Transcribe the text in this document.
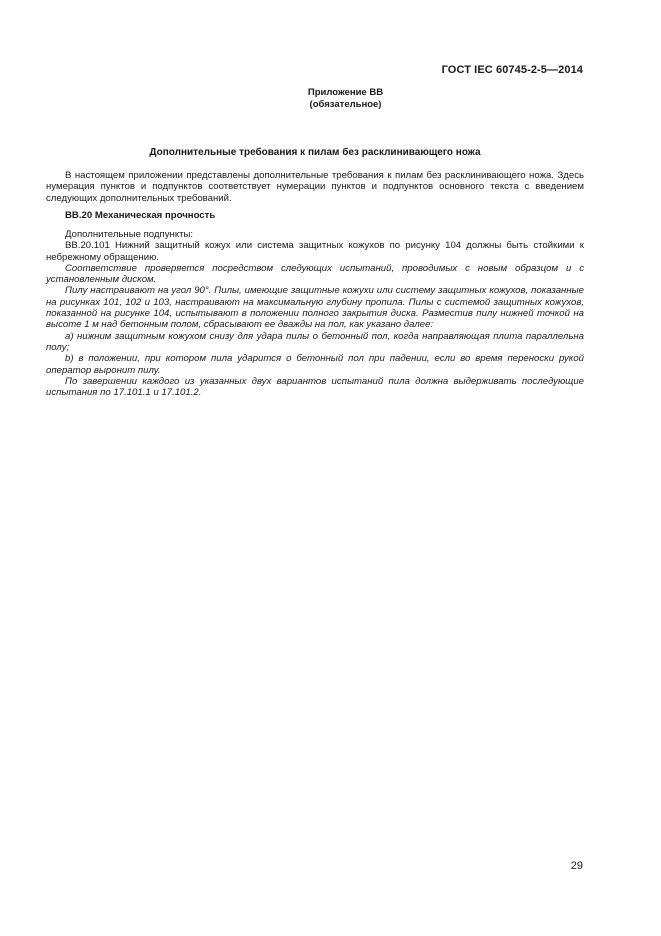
ГОСТ IEC 60745-2-5—2014
Приложение ВВ
(обязательное)
Дополнительные требования к пилам без расклинивающего ножа

В настоящем приложении представлены дополнительные требования к пилам без расклинивающего ножа. Здесь нумерация пунктов и подпунктов соответствует нумерации пунктов и подпунктов основного текста с введением следующих дополнительных требований.

ВВ.20 Механическая прочность

Дополнительные подпункты:

ВВ.20.101 Нижний защитный кожух или система защитных кожухов по рисунку 104 должны быть стойкими к небрежному обращению.

Соответствие проверяется посредством следующих испытаний, проводимых с новым образцом и с установленным диском.

Пилу настраивают на угол 90°. Пилы, имеющие защитные кожухи или систему защитных кожухов, показанные на рисунках 101, 102 и 103, настраивают на максимальную глубину пропила. Пилы с системой защитных кожухов, показанной на рисунке 104, испытывают в положении полного закрытия диска. Разместив пилу нижней точкой на высоте 1 м над бетонным полом, сбрасывают ее дважды на пол, как указано далее:

a) нижним защитным кожухом снизу для удара пилы о бетонный пол, когда направляющая плита параллельна полу;

b) в положении, при котором пила ударится о бетонный пол при падении, если во время переноски рукой оператор выронит пилу.

По завершении каждого из указанных двух вариантов испытаний пила должна выдерживать последующие испытания по 17.101.1 и 17.101.2.

29
